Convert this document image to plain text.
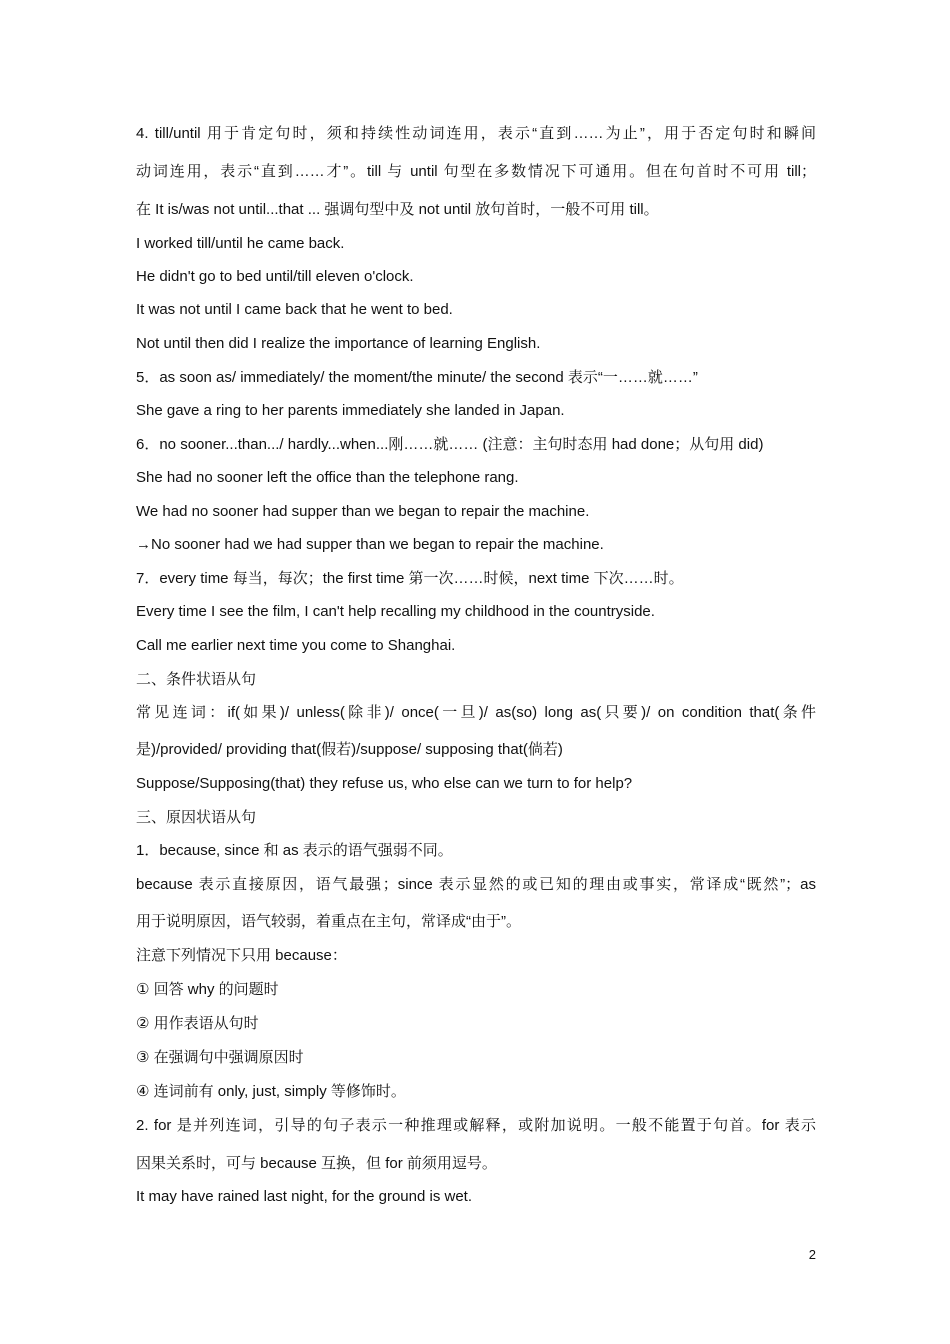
4. till/until 用于肯定句时，须和持续性动词连用，表示“直到……为止”，用于否定句时和瞬间
动词连用，表示“直到……才”。till 与 until 句型在多数情况下可通用。但在句首时不可用 till；
在 It is/was not until...that ... 强调句型中及 not until 放句首时，一般不可用 till。
I worked till/until he came back.
He didn't go to bed until/till eleven o'clock.
It was not until I came back that he went to bed.
Not until then did I realize the importance of learning English.
5．as soon as/ immediately/ the moment/the minute/ the second 表示“一……就……”
She gave a ring to her parents immediately she landed in Japan.
6．no sooner...than.../ hardly...when...刚……就…… (注意：主句时态用 had done；从句用 did)
She had no sooner left the office than the telephone rang.
We had no sooner had supper than we began to repair the machine.
→No sooner had we had supper than we began to repair the machine.
7．every time 每当，每次；the first time 第一次……时候，next time 下次……时。
Every time I see the film, I can't help recalling my childhood in the countryside.
Call me earlier next time you come to Shanghai.
二、条件状语从句
常见连词：if(如果)/ unless(除非)/ once(一旦)/ as(so) long as(只要)/ on condition that(条件
是)/provided/ providing that(假若)/suppose/ supposing that(倘若)
Suppose/Supposing(that) they refuse us, who else can we turn to for help?
三、原因状语从句
1．because, since 和 as 表示的语气强弱不同。
because 表示直接原因，语气最强；since 表示显然的或已知的理由或事实，常译成“既然”；as
用于说明原因，语气较弱，着重点在主句，常译成“由于”。
注意下列情况下只用 because：
① 回答 why 的问题时
② 用作表语从句时
③ 在强调句中强调原因时
④ 连词前有 only, just, simply 等修饰时。
2. for 是并列连词，引导的句子表示一种推理或解释，或附加说明。一般不能置于句首。for 表示
因果关系时，可与 because 互换，但 for 前须用逗号。
It may have rained last night, for the ground is wet.
2
